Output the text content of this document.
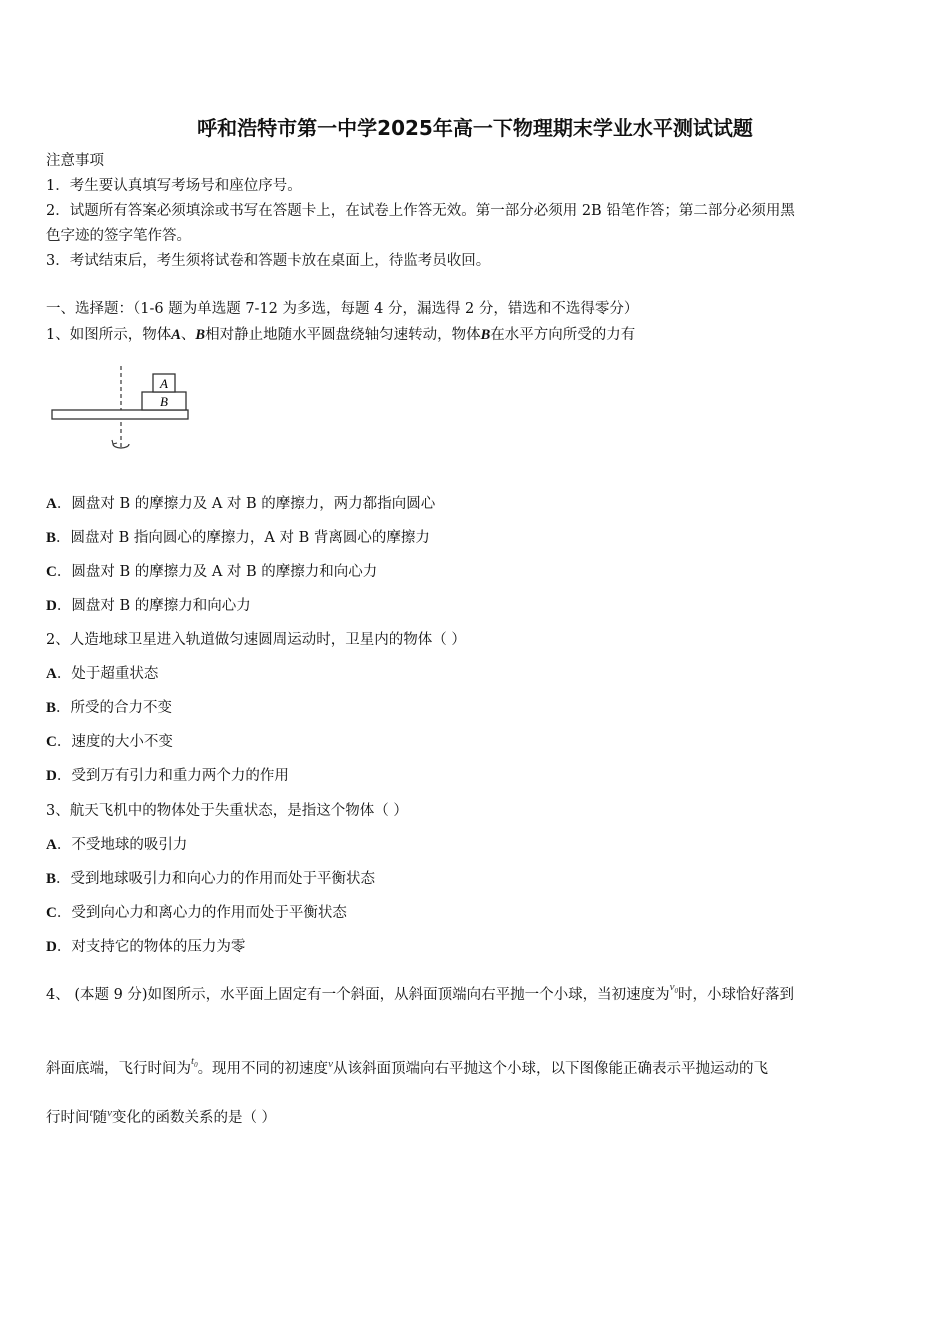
呼和浩特市第一中学2025年高一下物理期末学业水平测试试题
注意事项
1．考生要认真填写考场号和座位序号。
2．试题所有答案必须填涂或书写在答题卡上，在试卷上作答无效。第一部分必须用 2B 铅笔作答；第二部分必须用黑
色字迹的签字笔作答。
3．考试结束后，考生须将试卷和答题卡放在桌面上，待监考员收回。
一、选择题：（1-6 题为单选题 7-12 为多选，每题 4 分，漏选得 2 分，错选和不选得零分）
1、如图所示，物体A、B相对静止地随水平圆盘绕轴匀速转动，物体B在水平方向所受的力有
A
B
A．圆盘对 B 的摩擦力及 A 对 B 的摩擦力，两力都指向圆心
B．圆盘对 B 指向圆心的摩擦力，A 对 B 背离圆心的摩擦力
C．圆盘对 B 的摩擦力及 A 对 B 的摩擦力和向心力
D．圆盘对 B 的摩擦力和向心力
2、人造地球卫星进入轨道做匀速圆周运动时，卫星内的物体（ ）
A．处于超重状态
B．所受的合力不变
C．速度的大小不变
D．受到万有引力和重力两个力的作用
3、航天飞机中的物体处于失重状态，是指这个物体（ ）
A．不受地球的吸引力
B．受到地球吸引力和向心力的作用而处于平衡状态
C．受到向心力和离心力的作用而处于平衡状态
D．对支持它的物体的压力为零
4、 (本题 9 分)如图所示，水平面上固定有一个斜面，从斜面顶端向右平抛一个小球，当初速度为$^{v_0}$时，小球恰好落到
斜面底端，飞行时间为$^{t_0}$。现用不同的初速度$^v$从该斜面顶端向右平抛这个小球，以下图像能正确表示平抛运动的飞
行时间$^t$随$^v$变化的函数关系的是（ ）
